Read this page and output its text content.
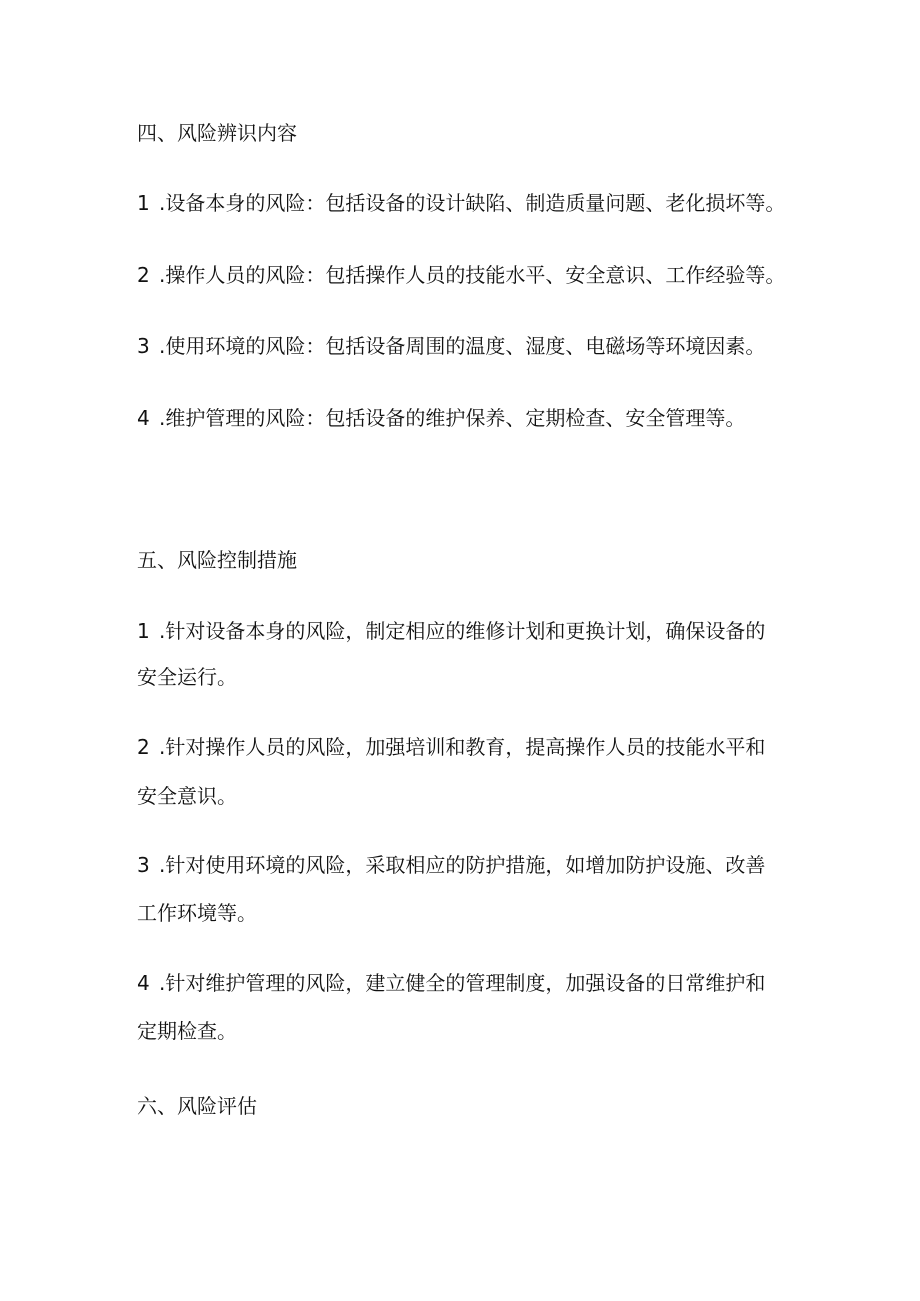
四、风险辨识内容
1 .设备本身的风险：包括设备的设计缺陷、制造质量问题、老化损坏等。
2 .操作人员的风险：包括操作人员的技能水平、安全意识、工作经验等。
3 .使用环境的风险：包括设备周围的温度、湿度、电磁场等环境因素。
4 .维护管理的风险：包括设备的维护保养、定期检查、安全管理等。
五、风险控制措施
1 .针对设备本身的风险，制定相应的维修计划和更换计划，确保设备的
安全运行。
2 .针对操作人员的风险，加强培训和教育，提高操作人员的技能水平和
安全意识。
3 .针对使用环境的风险，采取相应的防护措施，如增加防护设施、改善
工作环境等。
4 .针对维护管理的风险，建立健全的管理制度，加强设备的日常维护和
定期检查。
六、风险评估
